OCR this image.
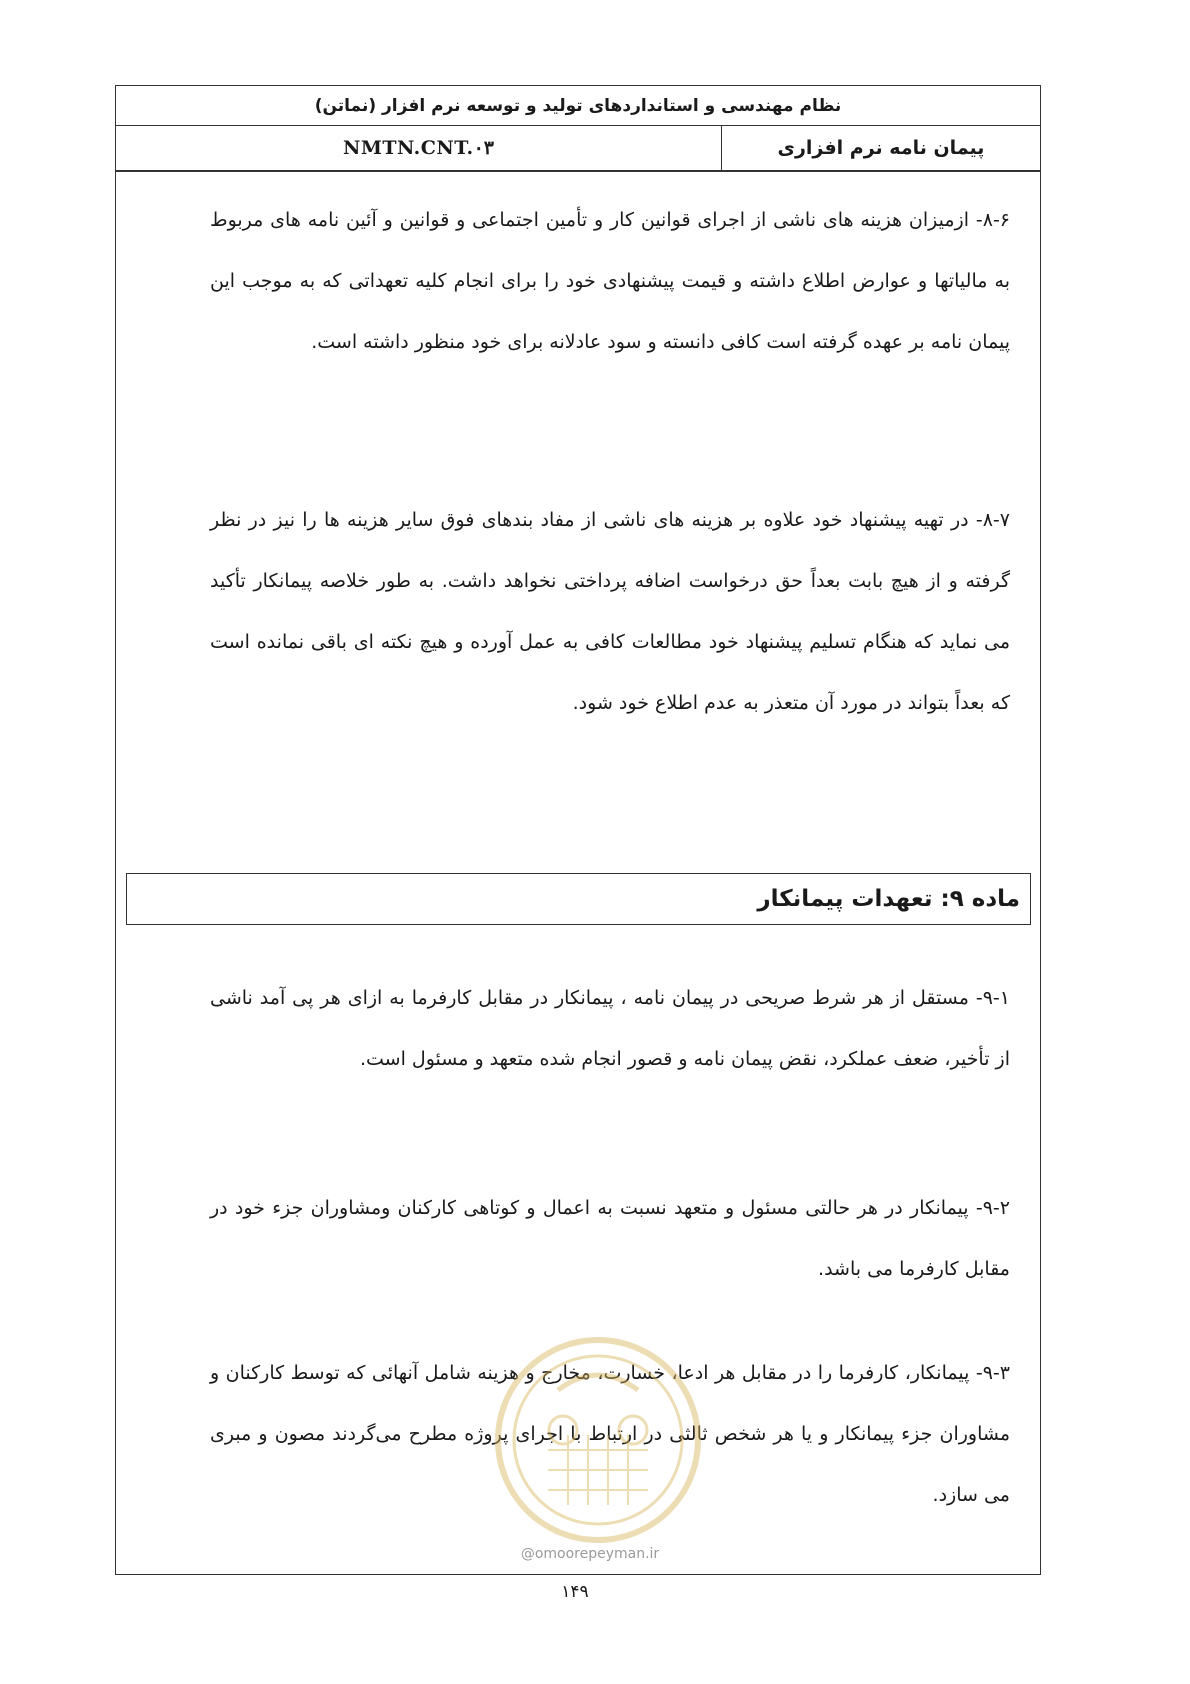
نظام مهندسی و استانداردهای تولید و توسعه نرم افزار (نماتن)
NMTN.CNT.۰۳	پیمان نامه نرم افزاری
۸-۶- ازمیزان هزینه های ناشی از اجرای قوانین کار و تأمین اجتماعی و قوانین و آئین نامه های مربوط به مالیاتها و عوارض اطلاع داشته و قیمت پیشنهادی خود را برای انجام کلیه تعهداتی که به موجب این پیمان نامه بر عهده گرفته است کافی دانسته و سود عادلانه برای خود منظور داشته است.
۸-۷- در تهیه پیشنهاد خود علاوه بر هزینه های ناشی از مفاد بندهای فوق سایر هزینه ها را نیز در نظر گرفته و از هیچ بابت بعداً حق درخواست اضافه پرداختی نخواهد داشت. به طور خلاصه پیمانکار تأکید می نماید که هنگام تسلیم پیشنهاد خود مطالعات کافی به عمل آورده و هیچ نکته ای باقی نمانده است که بعداً بتواند در مورد آن متعذر به عدم اطلاع خود شود.
ماده ۹: تعهدات پیمانکار
۹-۱- مستقل از هر شرط صریحی در پیمان نامه ، پیمانکار در مقابل کارفرما به ازای هر پی آمد ناشی از تأخیر، ضعف عملکرد، نقض پیمان نامه و قصور انجام شده متعهد و مسئول است.
۹-۲- پیمانکار در هر حالتی مسئول و متعهد نسبت به اعمال و کوتاهی کارکنان ومشاوران جزء خود در مقابل کارفرما می باشد.
۹-۳- پیمانکار، کارفرما را در مقابل هر ادعا، خسارت، مخارج و هزینه شامل آنهائی که توسط کارکنان و مشاوران جزء پیمانکار و یا هر شخص ثالثی در ارتباط با اجرای پروژه مطرح می‌گردند مصون و مبری می سازد.
@omoorepeyman.ir
۱۴۹
